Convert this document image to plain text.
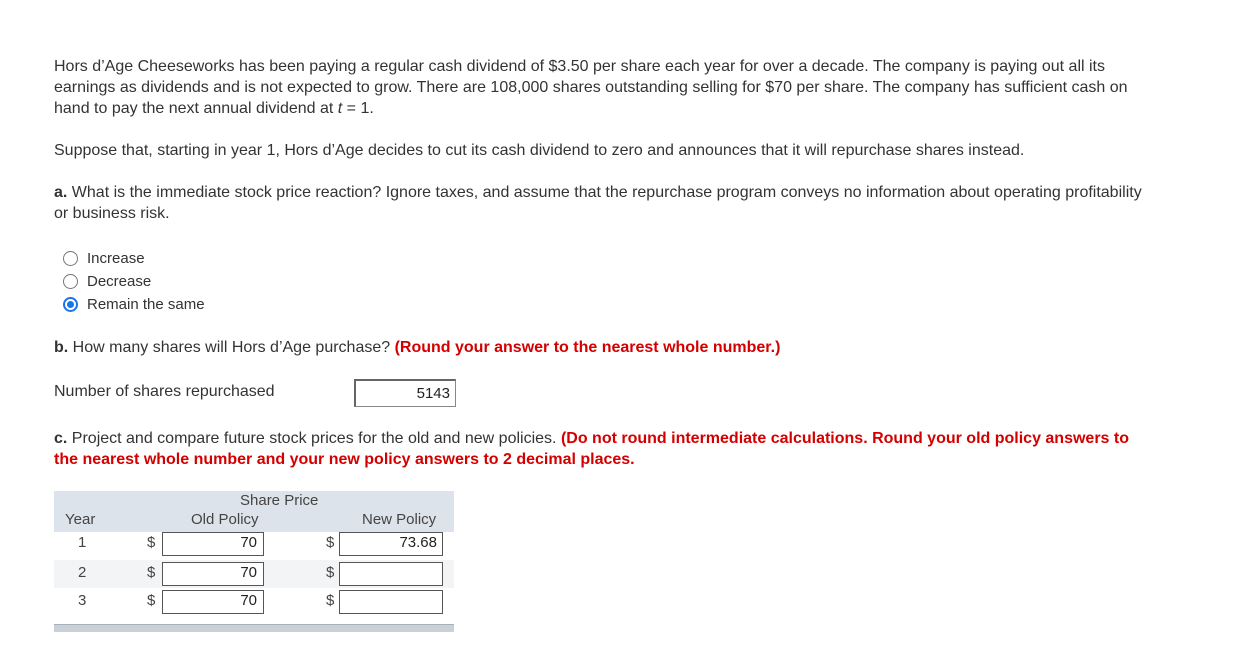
Hors d’Age Cheeseworks has been paying a regular cash dividend of $3.50 per share each year for over a decade. The company is paying out all its
earnings as dividends and is not expected to grow. There are 108,000 shares outstanding selling for $70 per share. The company has sufficient cash on
hand to pay the next annual dividend at t = 1.
Suppose that, starting in year 1, Hors d’Age decides to cut its cash dividend to zero and announces that it will repurchase shares instead.
a. What is the immediate stock price reaction? Ignore taxes, and assume that the repurchase program conveys no information about operating profitability
or business risk.
Increase
Decrease
Remain the same
b. How many shares will Hors d’Age purchase? (Round your answer to the nearest whole number.)
Number of shares repurchased	5143
c. Project and compare future stock prices for the old and new policies. (Do not round intermediate calculations. Round your old policy answers to
the nearest whole number and your new policy answers to 2 decimal places.
Share Price
Year	Old Policy	New Policy
1	$	70	$	73.68
2	$	70	$
3	$	70	$
